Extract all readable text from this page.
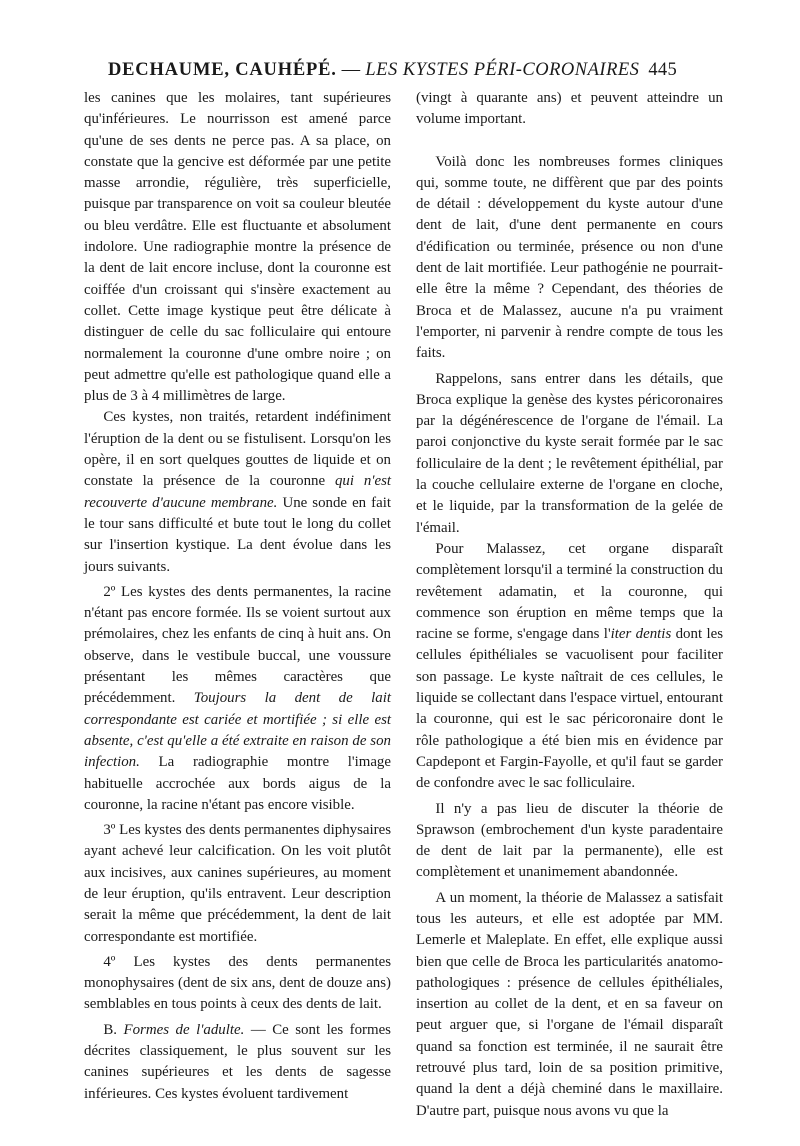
DECHAUME, CAUHÉPÉ. — LES KYSTES PÉRI-CORONAIRES 445

les canines que les molaires, tant supérieures qu'inférieures. Le nourrisson est amené parce qu'une de ses dents ne perce pas. A sa place, on constate que la gencive est déformée par une petite masse arrondie, régulière, très superficielle, puisque par transparence on voit sa couleur bleutée ou bleu verdâtre. Elle est fluctuante et absolument indolore. Une radiographie montre la présence de la dent de lait encore incluse, dont la couronne est coiffée d'un croissant qui s'insère exactement au collet. Cette image kystique peut être délicate à distinguer de celle du sac folliculaire qui entoure normalement la couronne d'une ombre noire ; on peut admettre qu'elle est pathologique quand elle a plus de 3 à 4 millimètres de large.

Ces kystes, non traités, retardent indéfiniment l'éruption de la dent ou se fistulisent. Lorsqu'on les opère, il en sort quelques gouttes de liquide et on constate la présence de la couronne qui n'est recouverte d'aucune membrane. Une sonde en fait le tour sans difficulté et bute tout le long du collet sur l'insertion kystique. La dent évolue dans les jours suivants.

2º Les kystes des dents permanentes, la racine n'étant pas encore formée. Ils se voient surtout aux prémolaires, chez les enfants de cinq à huit ans. On observe, dans le vestibule buccal, une voussure présentant les mêmes caractères que précédemment. Toujours la dent de lait correspondante est cariée et mortifiée ; si elle est absente, c'est qu'elle a été extraite en raison de son infection. La radiographie montre l'image habituelle accrochée aux bords aigus de la couronne, la racine n'étant pas encore visible.

3º Les kystes des dents permanentes diphysaires ayant achevé leur calcification. On les voit plutôt aux incisives, aux canines supérieures, au moment de leur éruption, qu'ils entravent. Leur description serait la même que précédemment, la dent de lait correspondante est mortifiée.

4º Les kystes des dents permanentes monophysaires (dent de six ans, dent de douze ans) semblables en tous points à ceux des dents de lait.

B. Formes de l'adulte. — Ce sont les formes décrites classiquement, le plus souvent sur les canines supérieures et les dents de sagesse inférieures. Ces kystes évoluent tardivement

(vingt à quarante ans) et peuvent atteindre un volume important.

Voilà donc les nombreuses formes cliniques qui, somme toute, ne diffèrent que par des points de détail : développement du kyste autour d'une dent de lait, d'une dent permanente en cours d'édification ou terminée, présence ou non d'une dent de lait mortifiée. Leur pathogénie ne pourrait-elle être la même ? Cependant, des théories de Broca et de Malassez, aucune n'a pu vraiment l'emporter, ni parvenir à rendre compte de tous les faits.

Rappelons, sans entrer dans les détails, que Broca explique la genèse des kystes péricoronaires par la dégénérescence de l'organe de l'émail. La paroi conjonctive du kyste serait formée par le sac folliculaire de la dent ; le revêtement épithélial, par la couche cellulaire externe de l'organe en cloche, et le liquide, par la transformation de la gelée de l'émail.

Pour Malassez, cet organe disparaît complètement lorsqu'il a terminé la construction du revêtement adamatin, et la couronne, qui commence son éruption en même temps que la racine se forme, s'engage dans l'iter dentis dont les cellules épithéliales se vacuolisent pour faciliter son passage. Le kyste naîtrait de ces cellules, le liquide se collectant dans l'espace virtuel, entourant la couronne, qui est le sac péricoronaire dont le rôle pathologique a été bien mis en évidence par Capdepont et Fargin-Fayolle, et qu'il faut se garder de confondre avec le sac folliculaire.

Il n'y a pas lieu de discuter la théorie de Sprawson (embrochement d'un kyste paradentaire de dent de lait par la permanente), elle est complètement et unanimement abandonnée.

A un moment, la théorie de Malassez a satisfait tous les auteurs, et elle est adoptée par MM. Lemerle et Maleplate. En effet, elle explique aussi bien que celle de Broca les particularités anatomo-pathologiques : présence de cellules épithéliales, insertion au collet de la dent, et en sa faveur on peut arguer que, si l'organe de l'émail disparaît quand sa fonction est terminée, il ne saurait être retrouvé plus tard, loin de sa position primitive, quand la dent a déjà cheminé dans le maxillaire. D'autre part, puisque nous avons vu que la
